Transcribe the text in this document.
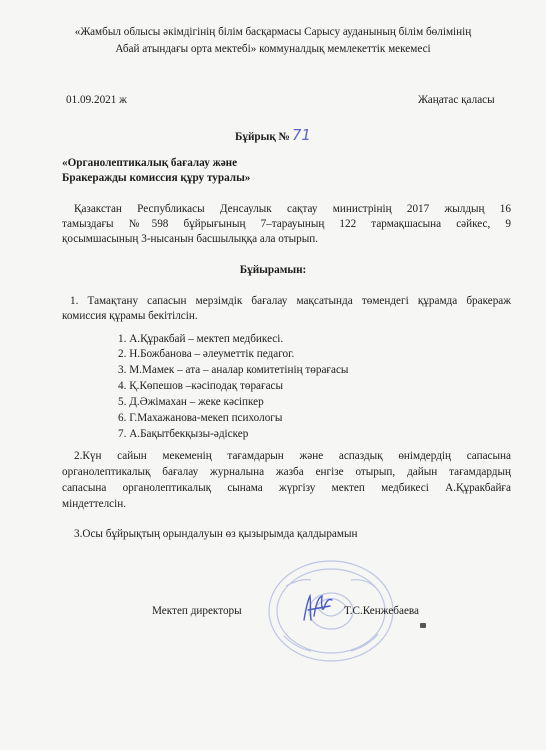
«Жамбыл облысы әкімдігінің білім басқармасы Сарысу ауданының білім бөлімінің
Абай атындағы орта мектебі» коммуналдық мемлекеттік мекемесі
01.09.2021 ж	Жаңатас қаласы
Бұйрық № 71
«Органолептикалық бағалау және
Бракеражды комиссия құру туралы»
Қазакстан Республикасы Денсаулык сақтау министрінің 2017 жылдың 16
тамыздағы №598 бұйрығының 7–тарауының 122 тармақшасына сәйкес, 9
қосымшасының 3-нысанын басшылыққа ала отырып.
Бұйырамын:
1. Тамақтану сапасын мерзімдік бағалау мақсатында төмендегі құрамда бракераж
комиссия құрамы бекітілсін.
1. А.Құракбай – мектеп медбикесі.
2. Н.Божбанова – әлеуметтік педагог.
3. М.Мамек – ата – аналар комитетінің төрағасы
4. Қ.Көпешов –кәсіподақ төрағасы
5. Д.Әжімахан – жеке кәсіпкер
6. Г.Махажанова-мекеп психологы
7. А.Бақытбекқызы-әдіскер
2.Күн сайын мекеменің тағамдарын және аспаздық өнімдердің сапасына
органолептикалық бағалау журналына жазба енгізе отырып, дайын тағамдардың
сапасына органолептикалық сынама жүргізу мектеп медбикесі А.Құракбайға
міндеттелсін.
3.Осы бұйрықтың орындалуын өз қызырымда қалдырамын
Мектеп директоры	Т.С.Кенжебаева
